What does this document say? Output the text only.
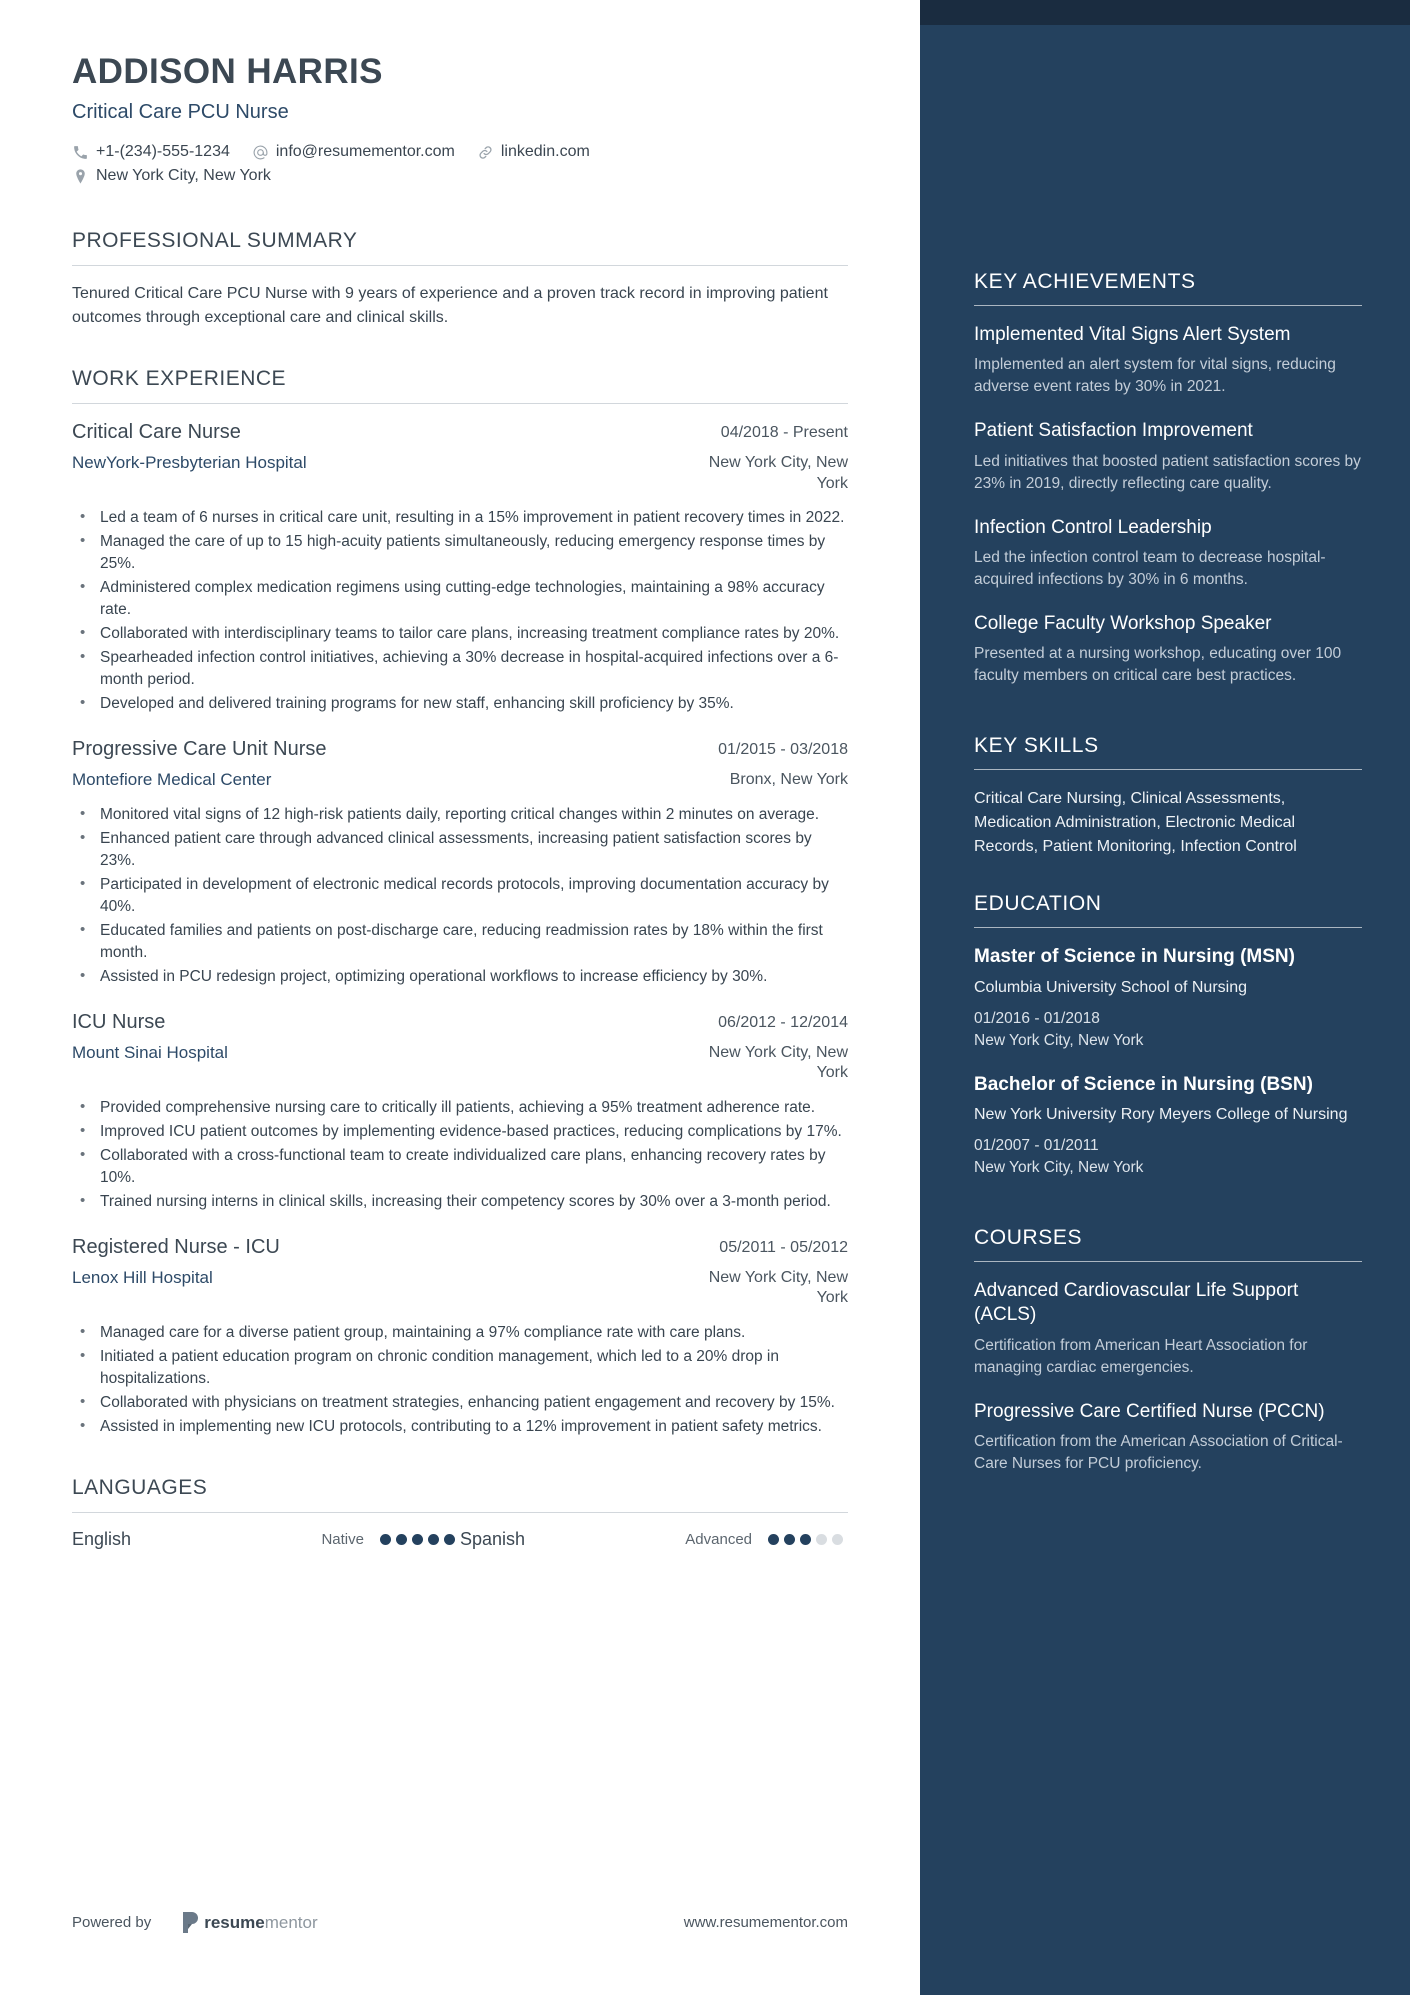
ADDISON HARRIS
Critical Care PCU Nurse
+1-(234)-555-1234	info@resumementor.com	linkedin.com
New York City, New York
PROFESSIONAL SUMMARY
Tenured Critical Care PCU Nurse with 9 years of experience and a proven track record in improving patient outcomes through exceptional care and clinical skills.
WORK EXPERIENCE
Critical Care Nurse	04/2018 - Present
NewYork-Presbyterian Hospital	New York City, New York
• Led a team of 6 nurses in critical care unit, resulting in a 15% improvement in patient recovery times in 2022.
• Managed the care of up to 15 high-acuity patients simultaneously, reducing emergency response times by 25%.
• Administered complex medication regimens using cutting-edge technologies, maintaining a 98% accuracy rate.
• Collaborated with interdisciplinary teams to tailor care plans, increasing treatment compliance rates by 20%.
• Spearheaded infection control initiatives, achieving a 30% decrease in hospital-acquired infections over a 6-month period.
• Developed and delivered training programs for new staff, enhancing skill proficiency by 35%.
Progressive Care Unit Nurse	01/2015 - 03/2018
Montefiore Medical Center	Bronx, New York
• Monitored vital signs of 12 high-risk patients daily, reporting critical changes within 2 minutes on average.
• Enhanced patient care through advanced clinical assessments, increasing patient satisfaction scores by 23%.
• Participated in development of electronic medical records protocols, improving documentation accuracy by 40%.
• Educated families and patients on post-discharge care, reducing readmission rates by 18% within the first month.
• Assisted in PCU redesign project, optimizing operational workflows to increase efficiency by 30%.
ICU Nurse	06/2012 - 12/2014
Mount Sinai Hospital	New York City, New York
• Provided comprehensive nursing care to critically ill patients, achieving a 95% treatment adherence rate.
• Improved ICU patient outcomes by implementing evidence-based practices, reducing complications by 17%.
• Collaborated with a cross-functional team to create individualized care plans, enhancing recovery rates by 10%.
• Trained nursing interns in clinical skills, increasing their competency scores by 30% over a 3-month period.
Registered Nurse - ICU	05/2011 - 05/2012
Lenox Hill Hospital	New York City, New York
• Managed care for a diverse patient group, maintaining a 97% compliance rate with care plans.
• Initiated a patient education program on chronic condition management, which led to a 20% drop in hospitalizations.
• Collaborated with physicians on treatment strategies, enhancing patient engagement and recovery by 15%.
• Assisted in implementing new ICU protocols, contributing to a 12% improvement in patient safety metrics.
LANGUAGES
English	Native	Spanish	Advanced
Powered by	resume mentor	www.resumementor.com
KEY ACHIEVEMENTS
Implemented Vital Signs Alert System
Implemented an alert system for vital signs, reducing adverse event rates by 30% in 2021.
Patient Satisfaction Improvement
Led initiatives that boosted patient satisfaction scores by 23% in 2019, directly reflecting care quality.
Infection Control Leadership
Led the infection control team to decrease hospital-acquired infections by 30% in 6 months.
College Faculty Workshop Speaker
Presented at a nursing workshop, educating over 100 faculty members on critical care best practices.
KEY SKILLS
Critical Care Nursing, Clinical Assessments, Medication Administration, Electronic Medical Records, Patient Monitoring, Infection Control
EDUCATION
Master of Science in Nursing (MSN)
Columbia University School of Nursing
01/2016 - 01/2018
New York City, New York
Bachelor of Science in Nursing (BSN)
New York University Rory Meyers College of Nursing
01/2007 - 01/2011
New York City, New York
COURSES
Advanced Cardiovascular Life Support (ACLS)
Certification from American Heart Association for managing cardiac emergencies.
Progressive Care Certified Nurse (PCCN)
Certification from the American Association of Critical-Care Nurses for PCU proficiency.
